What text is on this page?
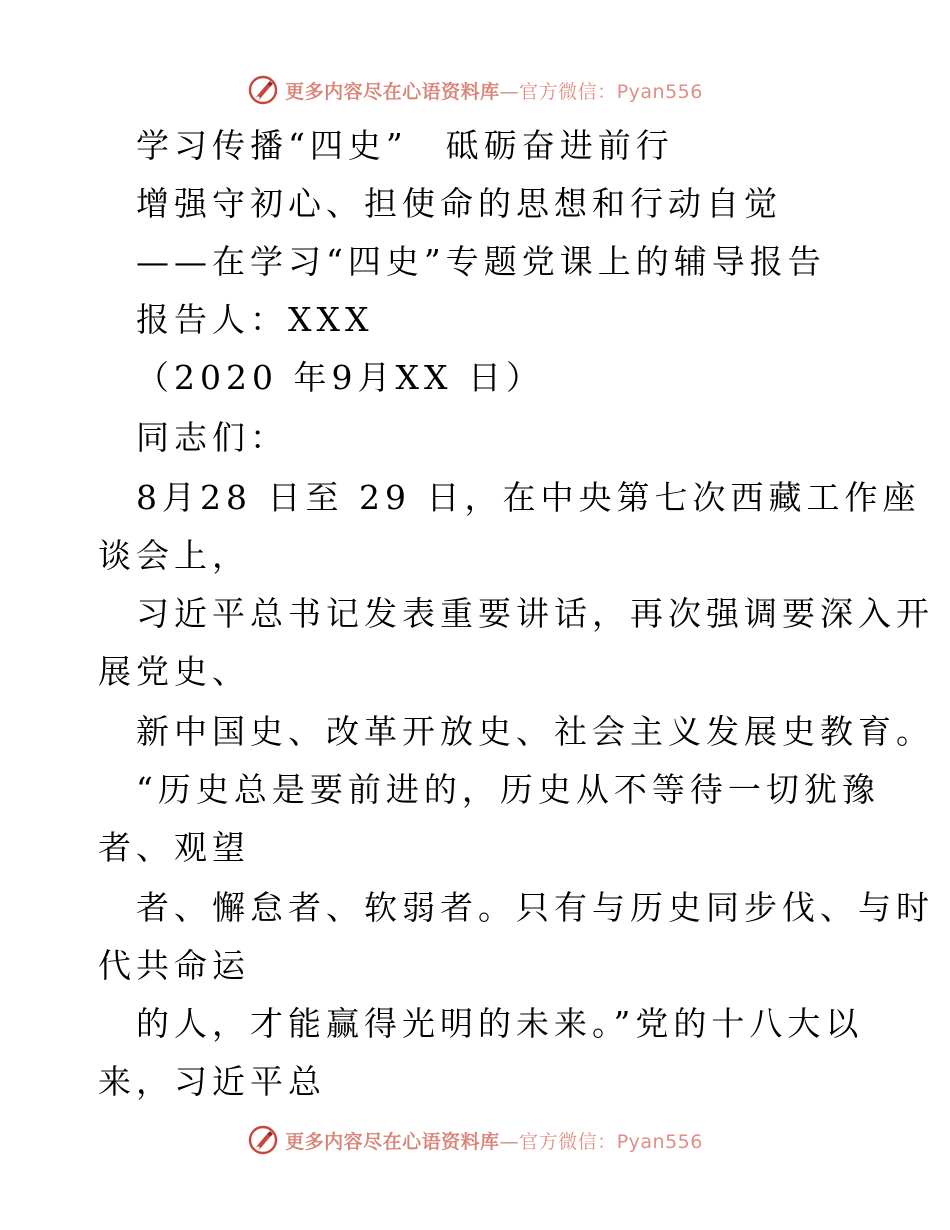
更多内容尽在心语资料库—官方微信：Pyan556
学习传播“四史”　砥砺奋进前行
增强守初心、担使命的思想和行动自觉
——在学习“四史”专题党课上的辅导报告
报告人：XXX
（2020 年9月XX 日）
同志们：
8月28 日至 29 日，在中央第七次西藏工作座
谈会上，
习近平总书记发表重要讲话，再次强调要深入开
展党史、
新中国史、改革开放史、社会主义发展史教育。
“历史总是要前进的，历史从不等待一切犹豫
者、观望
者、懈怠者、软弱者。只有与历史同步伐、与时
代共命运
的人，才能赢得光明的未来。”党的十八大以
来，习近平总
更多内容尽在心语资料库—官方微信：Pyan556
